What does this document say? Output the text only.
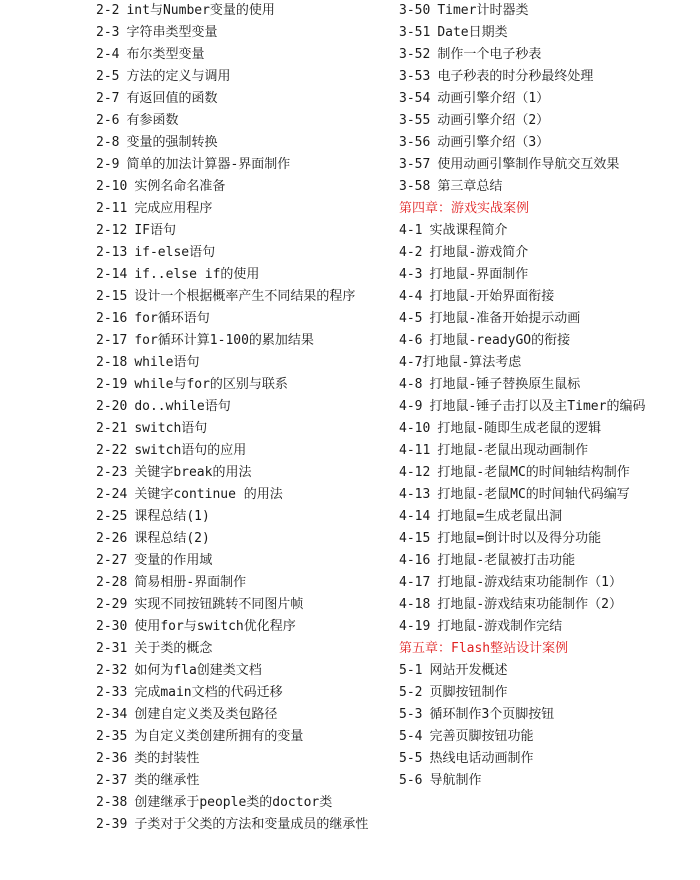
2-2 int与Number变量的使用
2-3 字符串类型变量
2-4 布尔类型变量
2-5 方法的定义与调用
2-7 有返回值的函数
2-6 有参函数
2-8 变量的强制转换
2-9 简单的加法计算器-界面制作
2-10 实例名命名准备
2-11 完成应用程序
2-12 IF语句
2-13 if-else语句
2-14 if..else if的使用
2-15 设计一个根据概率产生不同结果的程序
2-16 for循环语句
2-17 for循环计算1-100的累加结果
2-18 while语句
2-19 while与for的区别与联系
2-20 do..while语句
2-21 switch语句
2-22 switch语句的应用
2-23 关键字break的用法
2-24 关键字continue 的用法
2-25 课程总结(1)
2-26 课程总结(2)
2-27 变量的作用域
2-28 简易相册-界面制作
2-29 实现不同按钮跳转不同图片帧
2-30 使用for与switch优化程序
2-31 关于类的概念
2-32 如何为fla创建类文档
2-33 完成main文档的代码迁移
2-34 创建自定义类及类包路径
2-35 为自定义类创建所拥有的变量
2-36 类的封装性
2-37 类的继承性
2-38 创建继承于people类的doctor类
2-39 子类对于父类的方法和变量成员的继承性
3-50 Timer计时器类
3-51 Date日期类
3-52 制作一个电子秒表
3-53 电子秒表的时分秒最终处理
3-54 动画引擎介绍（1）
3-55 动画引擎介绍（2）
3-56 动画引擎介绍（3）
3-57 使用动画引擎制作导航交互效果
3-58 第三章总结
第四章：游戏实战案例
4-1 实战课程简介
4-2 打地鼠-游戏简介
4-3 打地鼠-界面制作
4-4 打地鼠-开始界面衔接
4-5 打地鼠-准备开始提示动画
4-6 打地鼠-readyGO的衔接
4-7 打地鼠-算法考虑
4-8 打地鼠-锤子替换原生鼠标
4-9 打地鼠-锤子击打以及主Timer的编码
4-10 打地鼠-随即生成老鼠的逻辑
4-11 打地鼠-老鼠出现动画制作
4-12 打地鼠-老鼠MC的时间轴结构制作
4-13 打地鼠-老鼠MC的时间轴代码编写
4-14 打地鼠=生成老鼠出洞
4-15 打地鼠=倒计时以及得分功能
4-16 打地鼠-老鼠被打击功能
4-17 打地鼠-游戏结束功能制作（1）
4-18 打地鼠-游戏结束功能制作（2）
4-19 打地鼠-游戏制作完结
第五章：Flash整站设计案例
5-1 网站开发概述
5-2 页脚按钮制作
5-3 循环制作3个页脚按钮
5-4 完善页脚按钮功能
5-5 热线电话动画制作
5-6 导航制作
